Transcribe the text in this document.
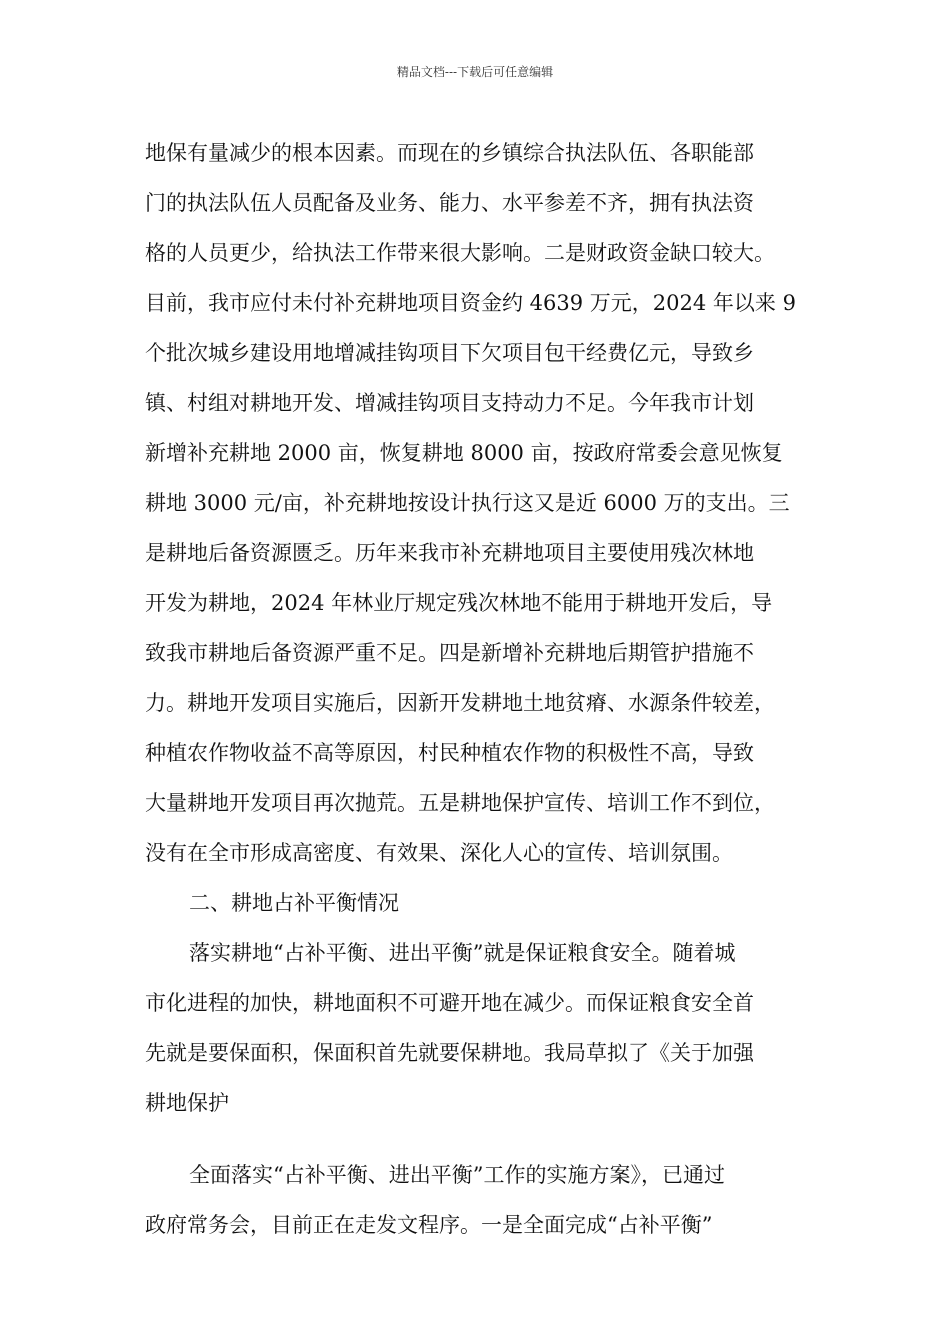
精品文档---下载后可任意编辑
地保有量减少的根本因素。而现在的乡镇综合执法队伍、各职能部
门的执法队伍人员配备及业务、能力、水平参差不齐，拥有执法资
格的人员更少，给执法工作带来很大影响。二是财政资金缺口较大。
目前，我市应付未付补充耕地项目资金约 4639 万元，2024 年以来 9
个批次城乡建设用地增减挂钩项目下欠项目包干经费亿元，导致乡
镇、村组对耕地开发、增减挂钩项目支持动力不足。今年我市计划
新增补充耕地 2000 亩，恢复耕地 8000 亩，按政府常委会意见恢复
耕地 3000 元/亩，补充耕地按设计执行这又是近 6000 万的支出。三
是耕地后备资源匮乏。历年来我市补充耕地项目主要使用残次林地
开发为耕地，2024 年林业厅规定残次林地不能用于耕地开发后，导
致我市耕地后备资源严重不足。四是新增补充耕地后期管护措施不
力。耕地开发项目实施后，因新开发耕地土地贫瘠、水源条件较差，
种植农作物收益不高等原因，村民种植农作物的积极性不高，导致
大量耕地开发项目再次抛荒。五是耕地保护宣传、培训工作不到位，
没有在全市形成高密度、有效果、深化人心的宣传、培训氛围。
二、耕地占补平衡情况
落实耕地“占补平衡、进出平衡”就是保证粮食安全。随着城
市化进程的加快，耕地面积不可避开地在减少。而保证粮食安全首
先就是要保面积，保面积首先就要保耕地。我局草拟了《关于加强
耕地保护
全面落实“占补平衡、进出平衡”工作的实施方案》，已通过
政府常务会，目前正在走发文程序。一是全面完成“占补平衡”
